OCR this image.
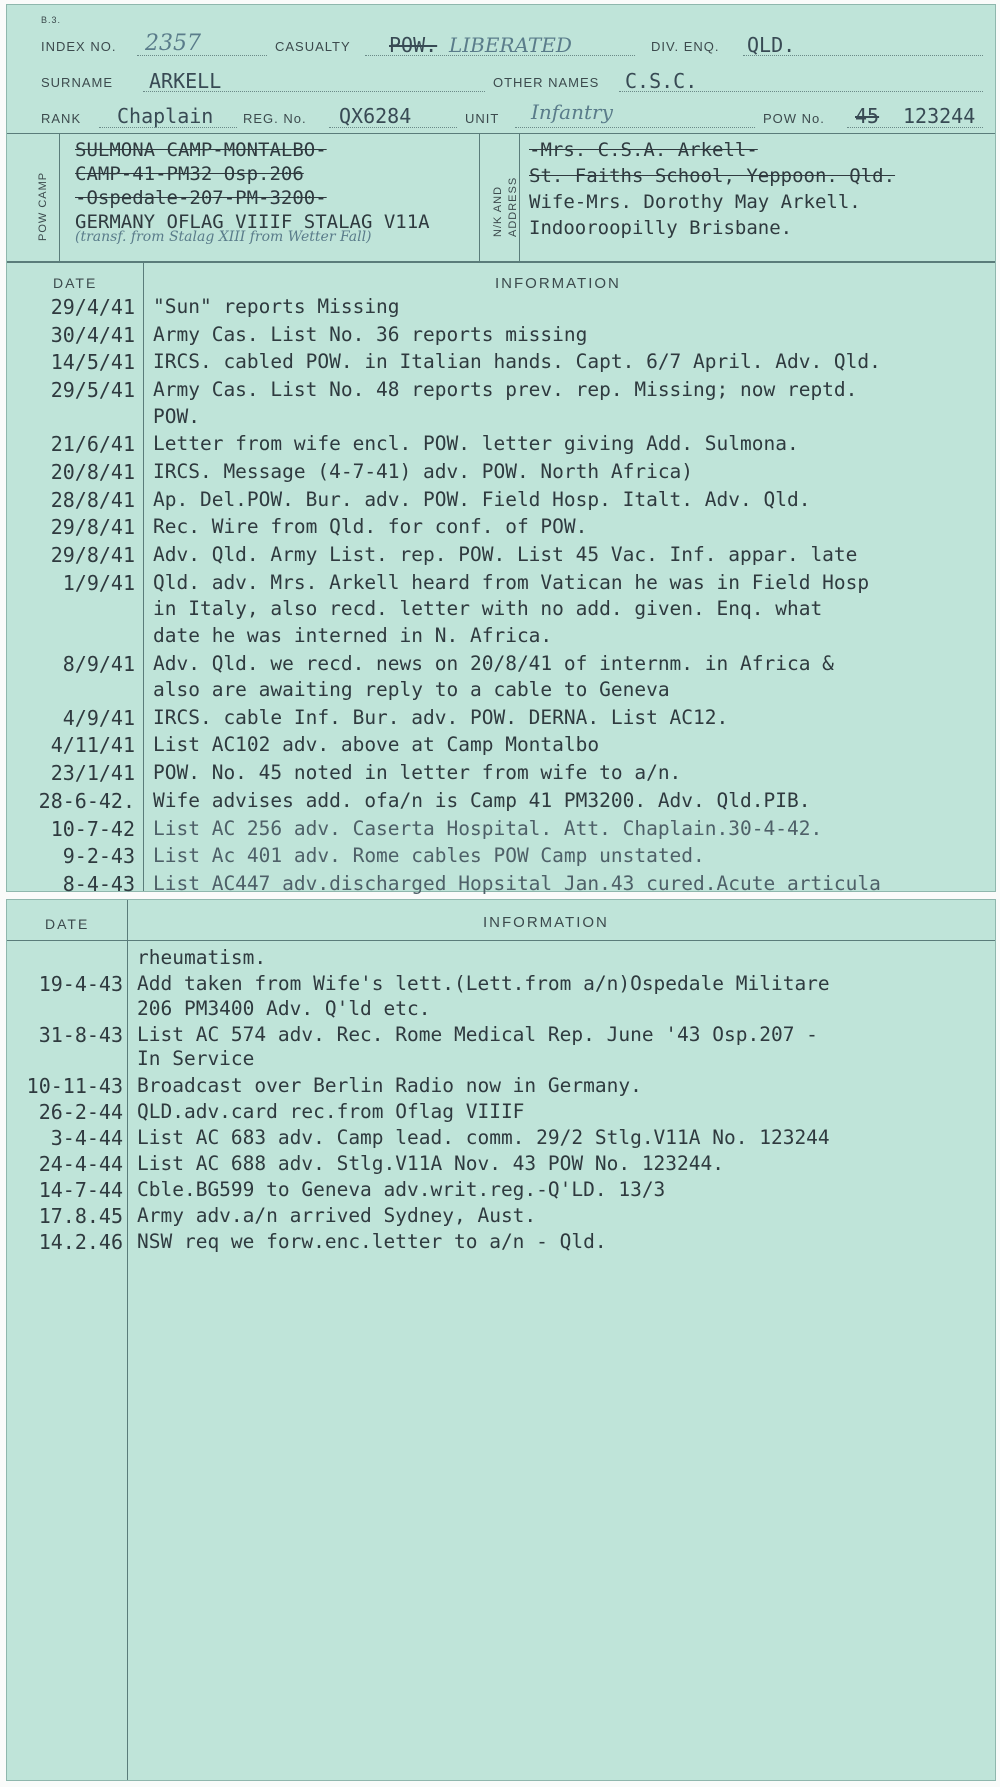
B.3.
INDEX NO. 2357	CASUALTY POW. LIBERATED	DIV. ENQ. QLD.
SURNAME ARKELL	OTHER NAMES C.S.C.
RANK Chaplain REG. No. QX6284	UNIT Infantry	POW No. 45 123244
POW CAMP	N/K AND ADDRESS
SULMONA CAMP-MONTALBO-
CAMP-41-PM32 Osp.206
-Ospedale-207-PM-3200-
GERMANY OFLAG VIIIF STALAG V11A
(transf. from Stalag XIII from Wetter Fall)
-Mrs. C.S.A. Arkell-
St. Faiths School, Yeppoon. Qld.
Wife-Mrs. Dorothy May Arkell.
Indooroopilly Brisbane.
DATE	INFORMATION
29/4/41 "Sun" reports Missing
30/4/41 Army Cas. List No. 36 reports missing
14/5/41 IRCS. cabled POW. in Italian hands. Capt. 6/7 April. Adv. Qld.
29/5/41 Army Cas. List No. 48 reports prev. rep. Missing; now reptd.
POW.
21/6/41 Letter from wife encl. POW. letter giving Add. Sulmona.
20/8/41 IRCS. Message (4-7-41) adv. POW. North Africa)
28/8/41 Ap. Del.POW. Bur. adv. POW. Field Hosp. Italt. Adv. Qld.
29/8/41 Rec. Wire from Qld. for conf. of POW.
29/8/41 Adv. Qld. Army List. rep. POW. List 45 Vac. Inf. appar. late
1/9/41 Qld. adv. Mrs. Arkell heard from Vatican he was in Field Hosp
in Italy, also recd. letter with no add. given. Enq. what
date he was interned in N. Africa.
8/9/41 Adv. Qld. we recd. news on 20/8/41 of internm. in Africa &
also are awaiting reply to a cable to Geneva
4/9/41 IRCS. cable Inf. Bur. adv. POW. DERNA. List AC12.
4/11/41 List AC102 adv. above at Camp Montalbo
23/1/41 POW. No. 45 noted in letter from wife to a/n.
28-6-42. Wife advises add. ofa/n is Camp 41 PM3200. Adv. Qld.PIB.
10-7-42 List AC 256 adv. Caserta Hospital. Att. Chaplain.30-4-42.
9-2-43 List Ac 401 adv. Rome cables POW Camp unstated.
8-4-43 List AC447 adv.discharged Hopsital Jan.43 cured.Acute articula
DATE	INFORMATION
rheumatism.
19-4-43 Add taken from Wife's lett.(Lett.from a/n)Ospedale Militare
206 PM3400 Adv. Q'ld etc.
31-8-43 List AC 574 adv. Rec. Rome Medical Rep. June '43 Osp.207 -
In Service
10-11-43 Broadcast over Berlin Radio now in Germany.
26-2-44 QLD.adv.card rec.from Oflag VIIIF
3-4-44 List AC 683 adv. Camp lead. comm. 29/2 Stlg.V11A No. 123244
24-4-44 List AC 688 adv. Stlg.V11A Nov. 43 POW No. 123244.
14-7-44 Cble.BG599 to Geneva adv.writ.reg.-Q'LD. 13/3
17.8.45 Army adv.a/n arrived Sydney, Aust.
14.2.46 NSW req we forw.enc.letter to a/n - Qld.
